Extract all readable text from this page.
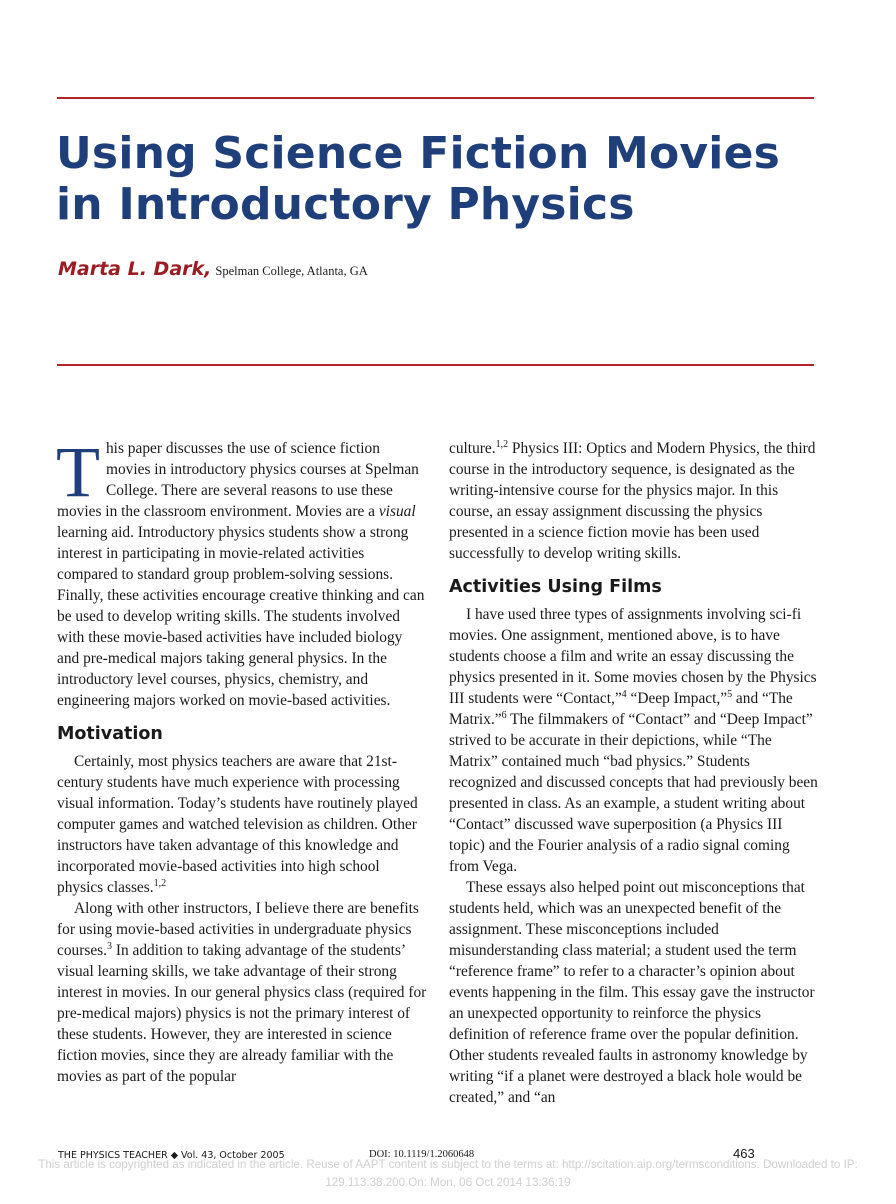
Using Science Fiction Movies
in Introductory Physics
Marta L. Dark, Spelman College, Atlanta, GA

This paper discusses the use of science fiction movies in introductory physics courses at Spelman College. There are several reasons to use these movies in the classroom environment. Movies are a visual learning aid. Introductory physics students show a strong interest in participating in movie-related activities compared to standard group problem-solving sessions. Finally, these activities encourage creative thinking and can be used to develop writing skills. The students involved with these movie-based activities have included biology and pre-medical majors taking general physics. In the introductory level courses, physics, chemistry, and engineering majors worked on movie-based activities.

Motivation

Certainly, most physics teachers are aware that 21st-century students have much experience with processing visual information. Today’s students have routinely played computer games and watched television as children. Other instructors have taken advantage of this knowledge and incorporated movie-based activities into high school physics classes.$^{1,2}$

Along with other instructors, I believe there are benefits for using movie-based activities in undergraduate physics courses.$^3$ In addition to taking advantage of the students’ visual learning skills, we take advantage of their strong interest in movies. In our general physics class (required for pre-medical majors) physics is not the primary interest of these students. However, they are interested in science fiction movies, since they are already familiar with the movies as part of the popular

culture.$^{1,2}$ Physics III: Optics and Modern Physics, the third course in the introductory sequence, is designated as the writing-intensive course for the physics major. In this course, an essay assignment discussing the physics presented in a science fiction movie has been used successfully to develop writing skills.

Activities Using Films

I have used three types of assignments involving sci-fi movies. One assignment, mentioned above, is to have students choose a film and write an essay discussing the physics presented in it. Some movies chosen by the Physics III students were “Contact,”$^4$ “Deep Impact,”$^5$ and “The Matrix.”$^6$ The filmmakers of “Contact” and “Deep Impact” strived to be accurate in their depictions, while “The Matrix” contained much “bad physics.” Students recognized and discussed concepts that had previously been presented in class. As an example, a student writing about “Contact” discussed wave superposition (a Physics III topic) and the Fourier analysis of a radio signal coming from Vega.

These essays also helped point out misconceptions that students held, which was an unexpected benefit of the assignment. These misconceptions included misunderstanding class material; a student used the term “reference frame” to refer to a character’s opinion about events happening in the film. This essay gave the instructor an unexpected opportunity to reinforce the physics definition of reference frame over the popular definition. Other students revealed faults in astronomy knowledge by writing “if a planet were destroyed a black hole would be created,” and “an

THE PHYSICS TEACHER ◆ Vol. 43, October 2005	DOI: 10.1119/1.2060648	463
This article is copyrighted as indicated in the article. Reuse of AAPT content is subject to the terms at: http://scitation.aip.org/termsconditions. Downloaded to IP:
129.113.38.200 On: Mon, 06 Oct 2014 13:36:19
